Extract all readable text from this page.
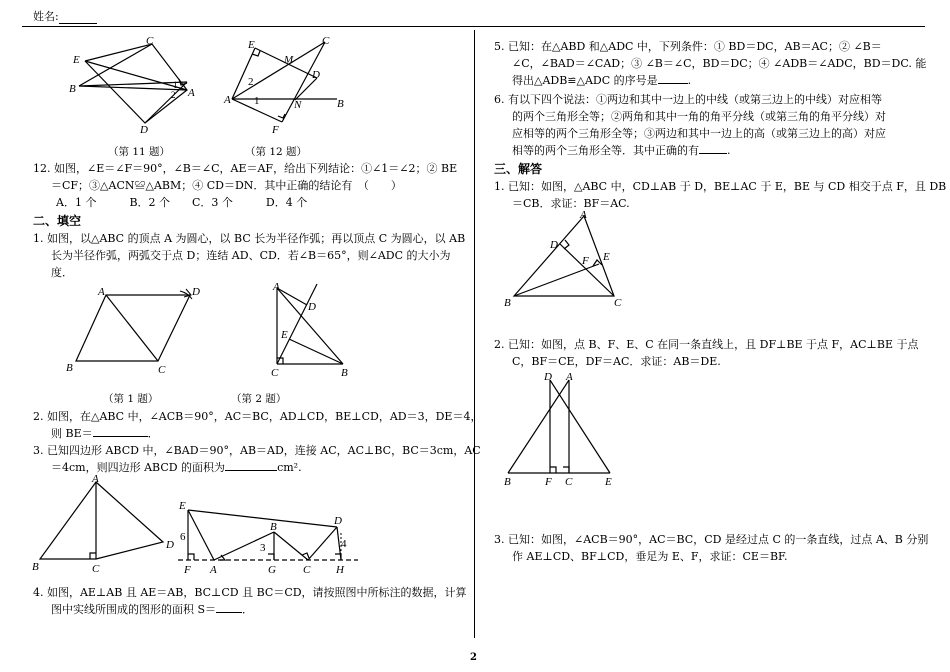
姓名:
C
E
B	A
D
1
2
E
M
C
D
A
2
1	N	B
F
（第 11 题）	（第 12 题）
12. 如图，∠E＝∠F＝90°，∠B＝∠C，AE＝AF，给出下列结论：①∠1＝∠2；② BE
＝CF；③△ACN≌△ABM；④ CD＝DN．其中正确的结论有　（　　）
A．1 个　　　B．2 个　　C．3 个　　　D．4 个
二、填空
1. 如图，以△ABC 的顶点 A 为圆心，以 BC 长为半径作弧；再以顶点 C 为圆心，以 AB
长为半径作弧，两弧交于点 D；连结 AD、CD．若∠B＝65°，则∠ADC 的大小为
度．
A	D
B	C
A
D
E
C	B
（第 1 题）	（第 2 题）
2. 如图，在△ABC 中，∠ACB＝90°，AC＝BC，AD⊥CD，BE⊥CD，AD＝3，DE＝4，
则 BE＝	．
3. 已知四边形 ABCD 中，∠BAD＝90°，AB＝AD，连接 AC，AC⊥BC，BC＝3cm，AC
＝4cm，则四边形 ABCD 的面积为	cm².
A
D
B	C
E
D
B
6
3	4
F A	G C H
4. 如图，AE⊥AB 且 AE＝AB，BC⊥CD 且 BC＝CD，请按照图中所标注的数据，计算
图中实线所围成的图形的面积 S＝ ．
5. 已知：在△ABD 和△ADC 中，下列条件：① BD＝DC，AB＝AC；② ∠B＝
∠C，∠BAD＝∠CAD；③ ∠B＝∠C，BD＝DC；④ ∠ADB＝∠ADC，BD＝DC. 能
得出△ADB≌△ADC 的序号是	.
6. 有以下四个说法：①两边和其中一边上的中线（或第三边上的中线）对应相等
的两个三角形全等；②两角和其中一角的角平分线（或第三角的角平分线）对
应相等的两个三角形全等；③两边和其中一边上的高（或第三边上的高）对应
相等的两个三角形全等．其中正确的有	.
三、解答
1. 已知：如图，△ABC 中，CD⊥AB 于 D，BE⊥AC 于 E，BE 与 CD 相交于点 F，且 DB
＝CB．求证：BF＝AC.
A
D
E
F
B	C
2. 已知：如图，点 B、F、E、C 在同一条直线上，且 DF⊥BE 于点 F，AC⊥BE 于点
C，BF＝CE，DF＝AC．求证：AB＝DE.
D A
B	F C	E
3. 已知：如图，∠ACB＝90°，AC＝BC，CD 是经过点 C 的一条直线，过点 A、B 分别
作 AE⊥CD、BF⊥CD，垂足为 E、F，求证：CE＝BF.
2
